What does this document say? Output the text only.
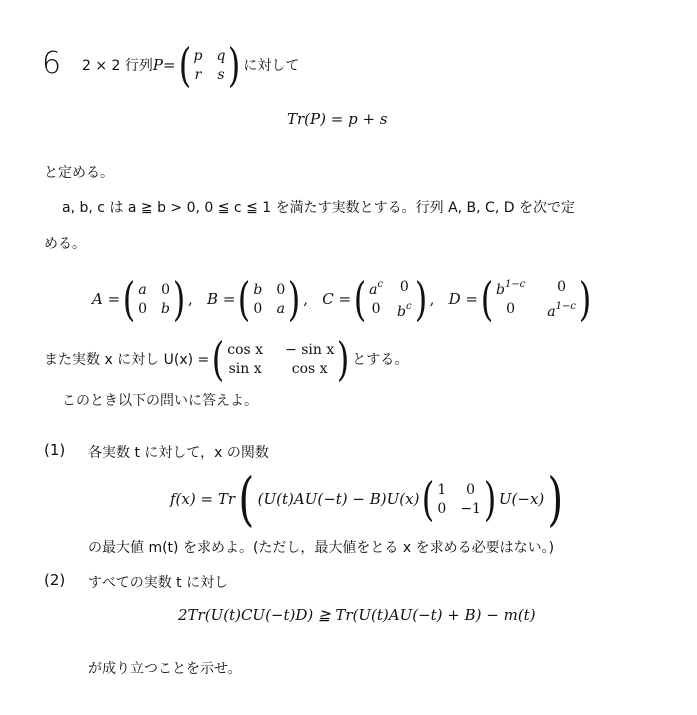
6 2 × 2 行列 P = ( p q
r s ) に対して
Tr(P) = p + s
と定める。
a, b, c は a ≧ b > 0, 0 ≦ c ≦ 1 を満たす実数とする。行列 A, B, C, D を次で定
める。
A = ( a 0
0 b ) , B = ( b 0
0 a ) , C = ( $a^c$ 0
0 $b^c$ ) , D = ( $b^{1-c}$	0
0	$a^{1-c}$ )
また実数 x に対し U(x) = ( cos x − sin x
sin x	cos x ) とする。
このとき以下の問いに答えよ。
(1) 各実数 t に対して，x の関数
f(x) = Tr ( (U(t)AU(−t) − B)U(x) ( 1	0
0 −1 ) U(−x) )
の最大値 m(t) を求めよ。(ただし，最大値をとる x を求める必要はない。)
(2) すべての実数 t に対し
2Tr(U(t)CU(−t)D) ≧ Tr(U(t)AU(−t) + B) − m(t)
が成り立つことを示せ。
